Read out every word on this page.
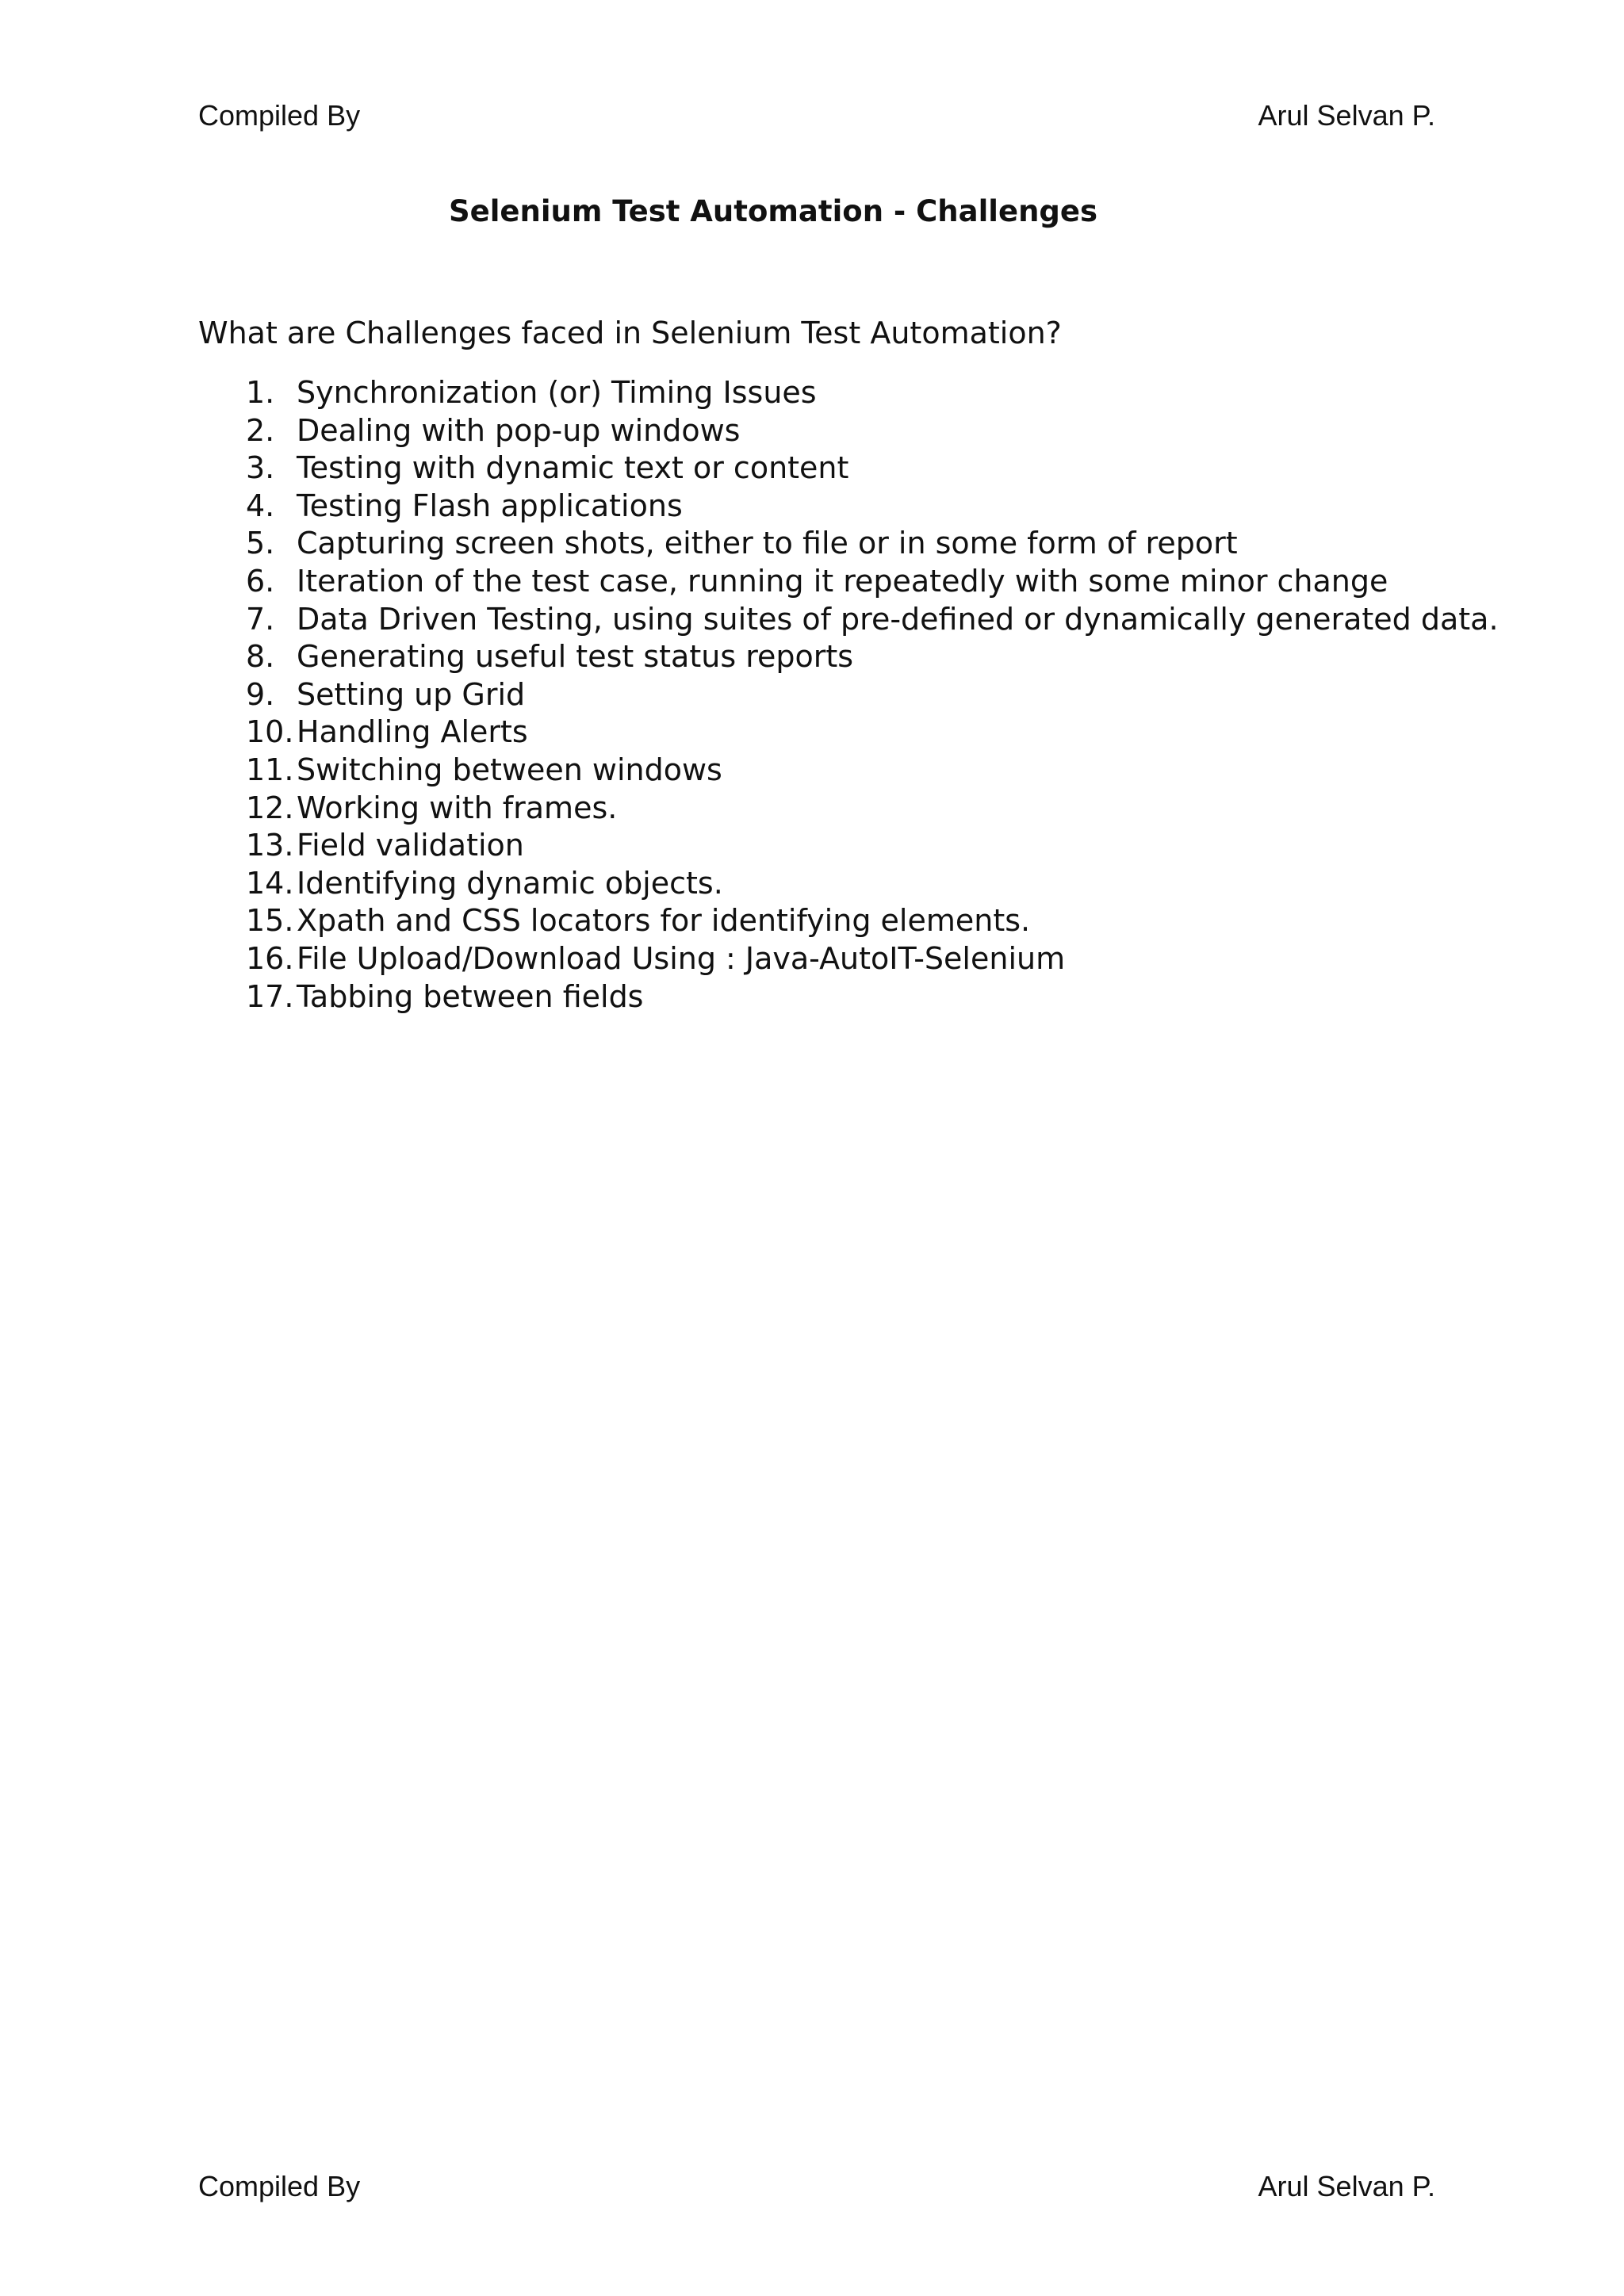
Compiled By	Arul Selvan P.
Selenium Test Automation - Challenges
What are Challenges faced in Selenium Test Automation?
1. Synchronization (or) Timing Issues
2. Dealing with pop-up windows
3. Testing with dynamic text or content
4. Testing Flash applications
5. Capturing screen shots, either to file or in some form of report
6. Iteration of the test case, running it repeatedly with some minor change
7. Data Driven Testing, using suites of pre-defined or dynamically generated data.
8. Generating useful test status reports
9. Setting up Grid
10. Handling Alerts
11. Switching between windows
12. Working with frames.
13. Field validation
14. Identifying dynamic objects.
15. Xpath and CSS locators for identifying elements.
16. File Upload/Download Using : Java-AutoIT-Selenium
17. Tabbing between fields
Compiled By	Arul Selvan P.
